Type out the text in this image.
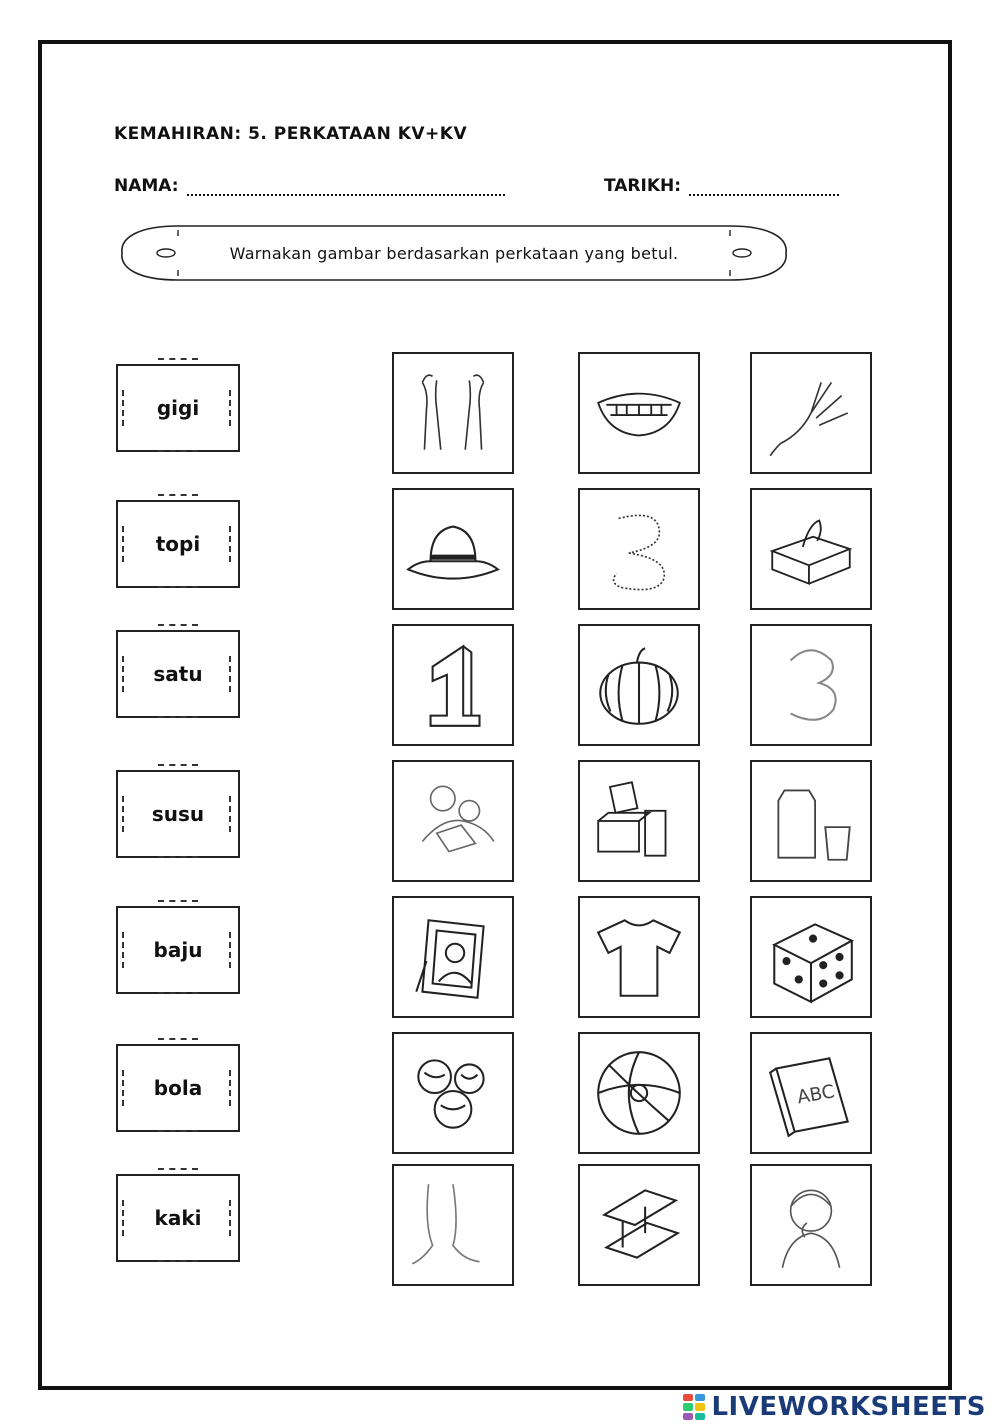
KEMAHIRAN: 5. PERKATAAN KV+KV
NAMA:	TARIKH:
Warnakan gambar berdasarkan perkataan yang betul.
gigi
topi
satu
susu
baju
bola
kaki
ABC
LIVEWORKSHEETS
